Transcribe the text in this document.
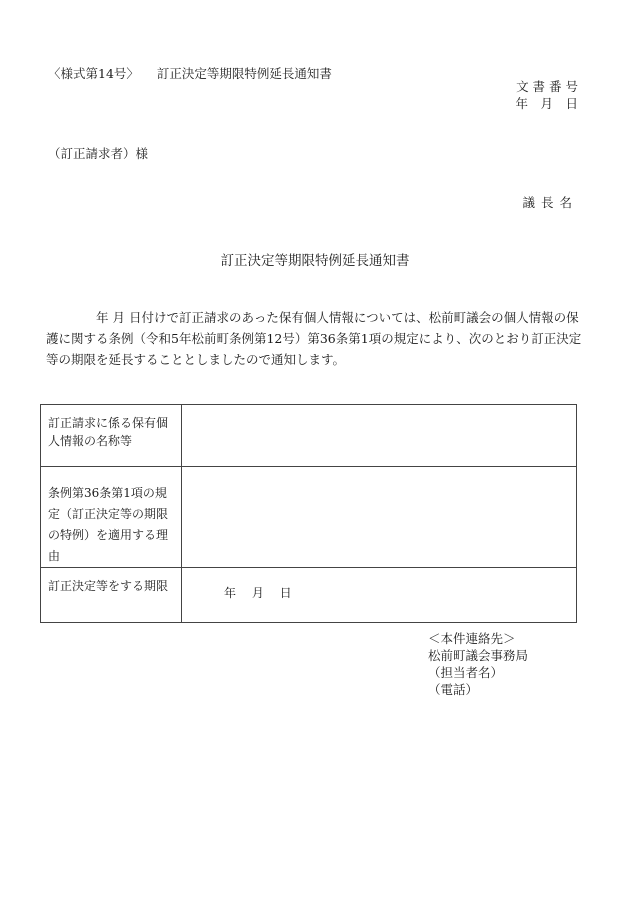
〈様式第14号〉 訂正決定等期限特例延長通知書
文 書 番 号
年　月　日
（訂正請求者）様
議長名
訂正決定等期限特例延長通知書
年 月 日付けで訂正請求のあった保有個人情報については、松前町議会の個人情報の保護に関する条例（令和5年松前町条例第12号）第36条第1項の規定により、次のとおり訂正決定等の期限を延長することとしましたので通知します。
訂正請求に係る保有個人情報の名称等	
条例第36条第1項の規定（訂正決定等の期限の特例）を適用する理由	
訂正決定等をする期限	年　 月　 日
＜本件連絡先＞
松前町議会事務局
（担当者名）
（電話）
